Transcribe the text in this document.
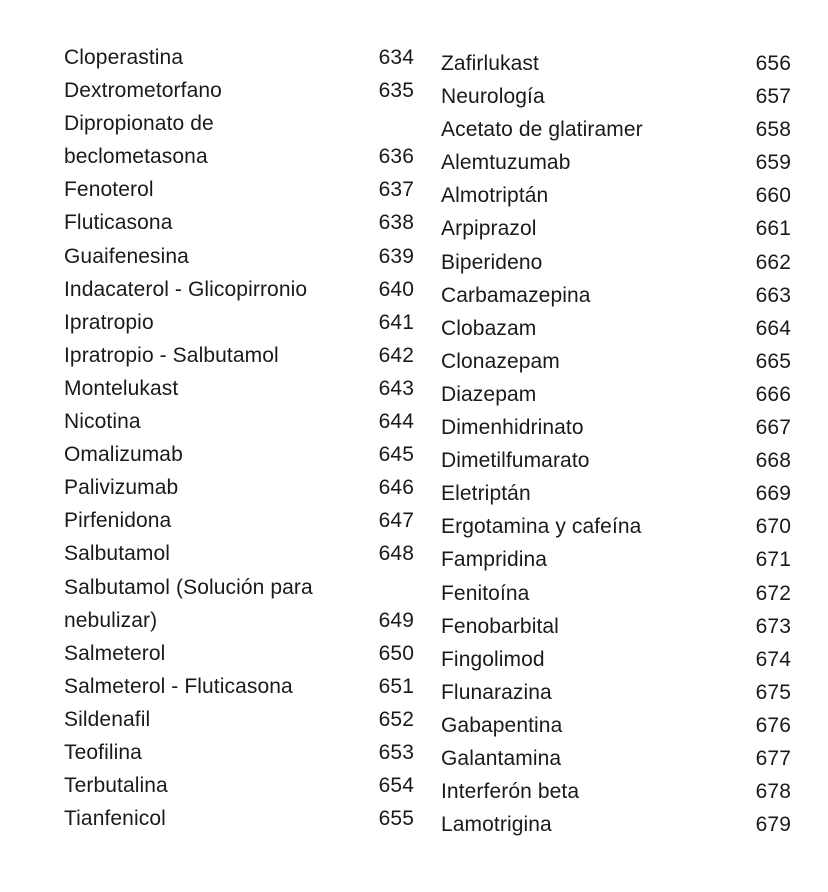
Cloperastina	634
Dextrometorfano	635
Dipropionato de
beclometasona	636
Fenoterol	637
Fluticasona	638
Guaifenesina	639
Indacaterol - Glicopirronio	640
Ipratropio	641
Ipratropio - Salbutamol	642
Montelukast	643
Nicotina	644
Omalizumab	645
Palivizumab	646
Pirfenidona	647
Salbutamol	648
Salbutamol (Solución para
nebulizar)	649
Salmeterol	650
Salmeterol - Fluticasona	651
Sildenafil	652
Teofilina	653
Terbutalina	654
Tianfenicol	655
Zafirlukast	656
Neurología	657
Acetato de glatiramer	658
Alemtuzumab	659
Almotriptán	660
Arpiprazol	661
Biperideno	662
Carbamazepina	663
Clobazam	664
Clonazepam	665
Diazepam	666
Dimenhidrinato	667
Dimetilfumarato	668
Eletriptán	669
Ergotamina y cafeína	670
Fampridina	671
Fenitoína	672
Fenobarbital	673
Fingolimod	674
Flunarazina	675
Gabapentina	676
Galantamina	677
Interferón beta	678
Lamotrigina	679
